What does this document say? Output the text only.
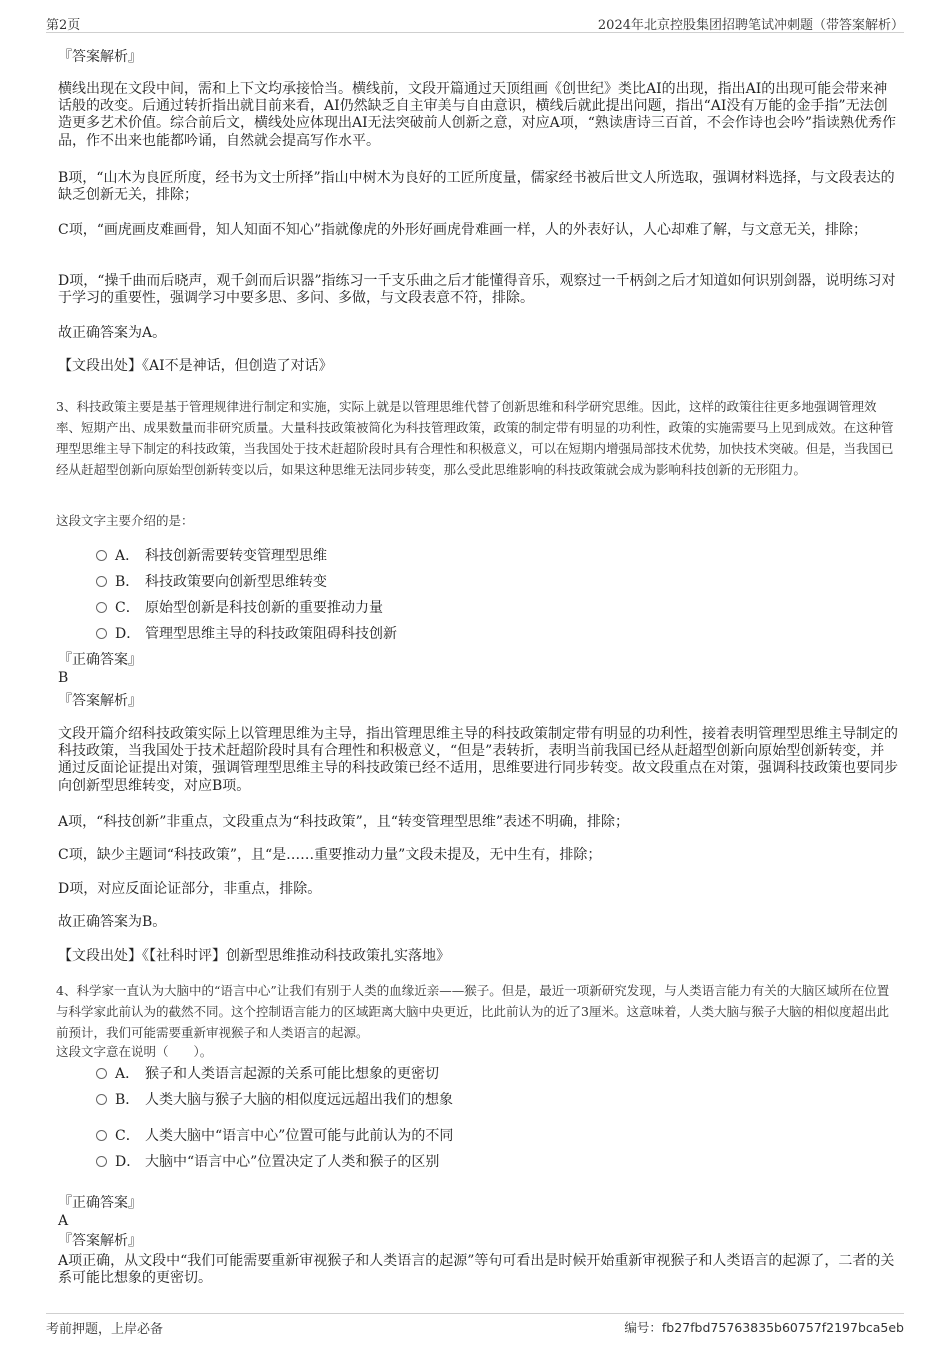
第2页	2024年北京控股集团招聘笔试冲刺题（带答案解析）

『答案解析』

横线出现在文段中间，需和上下文均承接恰当。横线前，文段开篇通过天顶组画《创世纪》类比AI的出现，指出AI的出现可能会带来神话般的改变。后通过转折指出就目前来看，AI仍然缺乏自主审美与自由意识，横线后就此提出问题，指出“AI没有万能的金手指”无法创造更多艺术价值。综合前后文，横线处应体现出AI无法突破前人创新之意，对应A项，“熟读唐诗三百首，不会作诗也会吟”指读熟优秀作品，作不出来也能都吟诵，自然就会提高写作水平。

B项，“山木为良匠所度，经书为文士所择”指山中树木为良好的工匠所度量，儒家经书被后世文人所选取，强调材料选择，与文段表达的缺乏创新无关，排除；

C项，“画虎画皮难画骨，知人知面不知心”指就像虎的外形好画虎骨难画一样，人的外表好认，人心却难了解，与文意无关，排除；

D项，“操千曲而后晓声，观千剑而后识器”指练习一千支乐曲之后才能懂得音乐，观察过一千柄剑之后才知道如何识别剑器，说明练习对于学习的重要性，强调学习中要多思、多问、多做，与文段表意不符，排除。

故正确答案为A。

【文段出处】《AI不是神话，但创造了对话》

3、科技政策主要是基于管理规律进行制定和实施，实际上就是以管理思维代替了创新思维和科学研究思维。因此，这样的政策往往更多地强调管理效率、短期产出、成果数量而非研究质量。大量科技政策被简化为科技管理政策，政策的制定带有明显的功利性，政策的实施需要马上见到成效。在这种管理型思维主导下制定的科技政策，当我国处于技术赶超阶段时具有合理性和积极意义，可以在短期内增强局部技术优势，加快技术突破。但是，当我国已经从赶超型创新向原始型创新转变以后，如果这种思维无法同步转变，那么受此思维影响的科技政策就会成为影响科技创新的无形阻力。

这段文字主要介绍的是：

A． 科技创新需要转变管理型思维
B． 科技政策要向创新型思维转变
C． 原始型创新是科技创新的重要推动力量
D． 管理型思维主导的科技政策阻碍科技创新

『正确答案』

B

『答案解析』

文段开篇介绍科技政策实际上以管理思维为主导，指出管理思维主导的科技政策制定带有明显的功利性，接着表明管理型思维主导制定的科技政策，当我国处于技术赶超阶段时具有合理性和积极意义，“但是”表转折，表明当前我国已经从赶超型创新向原始型创新转变，并通过反面论证提出对策，强调管理型思维主导的科技政策已经不适用，思维要进行同步转变。故文段重点在对策，强调科技政策也要同步向创新型思维转变，对应B项。

A项，“科技创新”非重点，文段重点为“科技政策”，且“转变管理型思维”表述不明确，排除；

C项，缺少主题词“科技政策”，且“是……重要推动力量”文段未提及，无中生有，排除；

D项，对应反面论证部分，非重点，排除。

故正确答案为B。

【文段出处】《【社科时评】创新型思维推动科技政策扎实落地》

4、科学家一直认为大脑中的“语言中心”让我们有别于人类的血缘近亲——猴子。但是，最近一项新研究发现，与人类语言能力有关的大脑区域所在位置与科学家此前认为的截然不同。这个控制语言能力的区域距离大脑中央更近，比此前认为的近了3厘米。这意味着，人类大脑与猴子大脑的相似度超出此前预计，我们可能需要重新审视猴子和人类语言的起源。

这段文字意在说明（　　）。

A． 猴子和人类语言起源的关系可能比想象的更密切
B． 人类大脑与猴子大脑的相似度远远超出我们的想象
C． 人类大脑中“语言中心”位置可能与此前认为的不同
D． 大脑中“语言中心”位置决定了人类和猴子的区别

『正确答案』

A

『答案解析』

A项正确，从文段中“我们可能需要重新审视猴子和人类语言的起源”等句可看出是时候开始重新审视猴子和人类语言的起源了，二者的关系可能比想象的更密切。

考前押题，上岸必备	编号：fb27fbd75763835b60757f2197bca5eb
